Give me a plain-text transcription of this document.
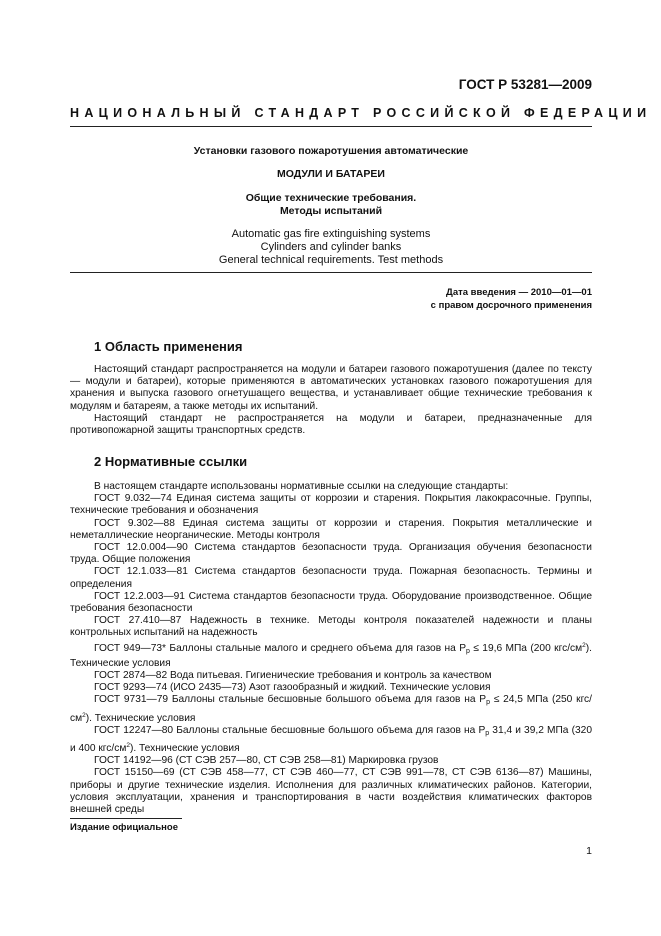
ГОСТ Р 53281—2009
НАЦИОНАЛЬНЫЙ СТАНДАРТ РОССИЙСКОЙ ФЕДЕРАЦИИ
Установки газового пожаротушения автоматические
МОДУЛИ И БАТАРЕИ
Общие технические требования.
Методы испытаний
Automatic gas fire extinguishing systems
Cylinders and cylinder banks
General technical requirements. Test methods
Дата введения — 2010—01—01
с правом досрочного применения
1 Область применения

Настоящий стандарт распространяется на модули и батареи газового пожаротушения (далее по тексту — модули и батареи), которые применяются в автоматических установках газового пожаротушения для хранения и выпуска газового огнетушащего вещества, и устанавливает общие технические требования к модулям и батареям, а также методы их испытаний.

Настоящий стандарт не распространяется на модули и батареи, предназначенные для противопожарной защиты транспортных средств.

2 Нормативные ссылки

В настоящем стандарте использованы нормативные ссылки на следующие стандарты:

ГОСТ 9.032—74 Единая система защиты от коррозии и старения. Покрытия лакокрасочные. Группы, технические требования и обозначения

ГОСТ 9.302—88 Единая система защиты от коррозии и старения. Покрытия металлические и неметаллические неорганические. Методы контроля

ГОСТ 12.0.004—90 Система стандартов безопасности труда. Организация обучения безопасности труда. Общие положения

ГОСТ 12.1.033—81 Система стандартов безопасности труда. Пожарная безопасность. Термины и определения

ГОСТ 12.2.003—91 Система стандартов безопасности труда. Оборудование производственное. Общие требования безопасности

ГОСТ 27.410—87 Надежность в технике. Методы контроля показателей надежности и планы контрольных испытаний на надежность

ГОСТ 949—73* Баллоны стальные малого и среднего объема для газов на $P_р \le 19,6$ МПа (200 кгс/$см^2$). Технические условия

ГОСТ 2874—82 Вода питьевая. Гигиенические требования и контроль за качеством

ГОСТ 9293—74 (ИСО 2435—73) Азот газообразный и жидкий. Технические условия

ГОСТ 9731—79 Баллоны стальные бесшовные большого объема для газов на $P_р \le 24,5$ МПа (250 кгс/$см^2$). Технические условия

ГОСТ 12247—80 Баллоны стальные бесшовные большого объема для газов на $P_р$ 31,4 и 39,2 МПа (320 и 400 кгс/$см^2$). Технические условия

ГОСТ 14192—96 (СТ СЭВ 257—80, СТ СЭВ 258—81) Маркировка грузов

ГОСТ 15150—69 (СТ СЭВ 458—77, СТ СЭВ 460—77, СТ СЭВ 991—78, СТ СЭВ 6136—87) Машины, приборы и другие технические изделия. Исполнения для различных климатических районов. Категории, условия эксплуатации, хранения и транспортирования в части воздействия климатических факторов внешней среды

Издание официальное
1
